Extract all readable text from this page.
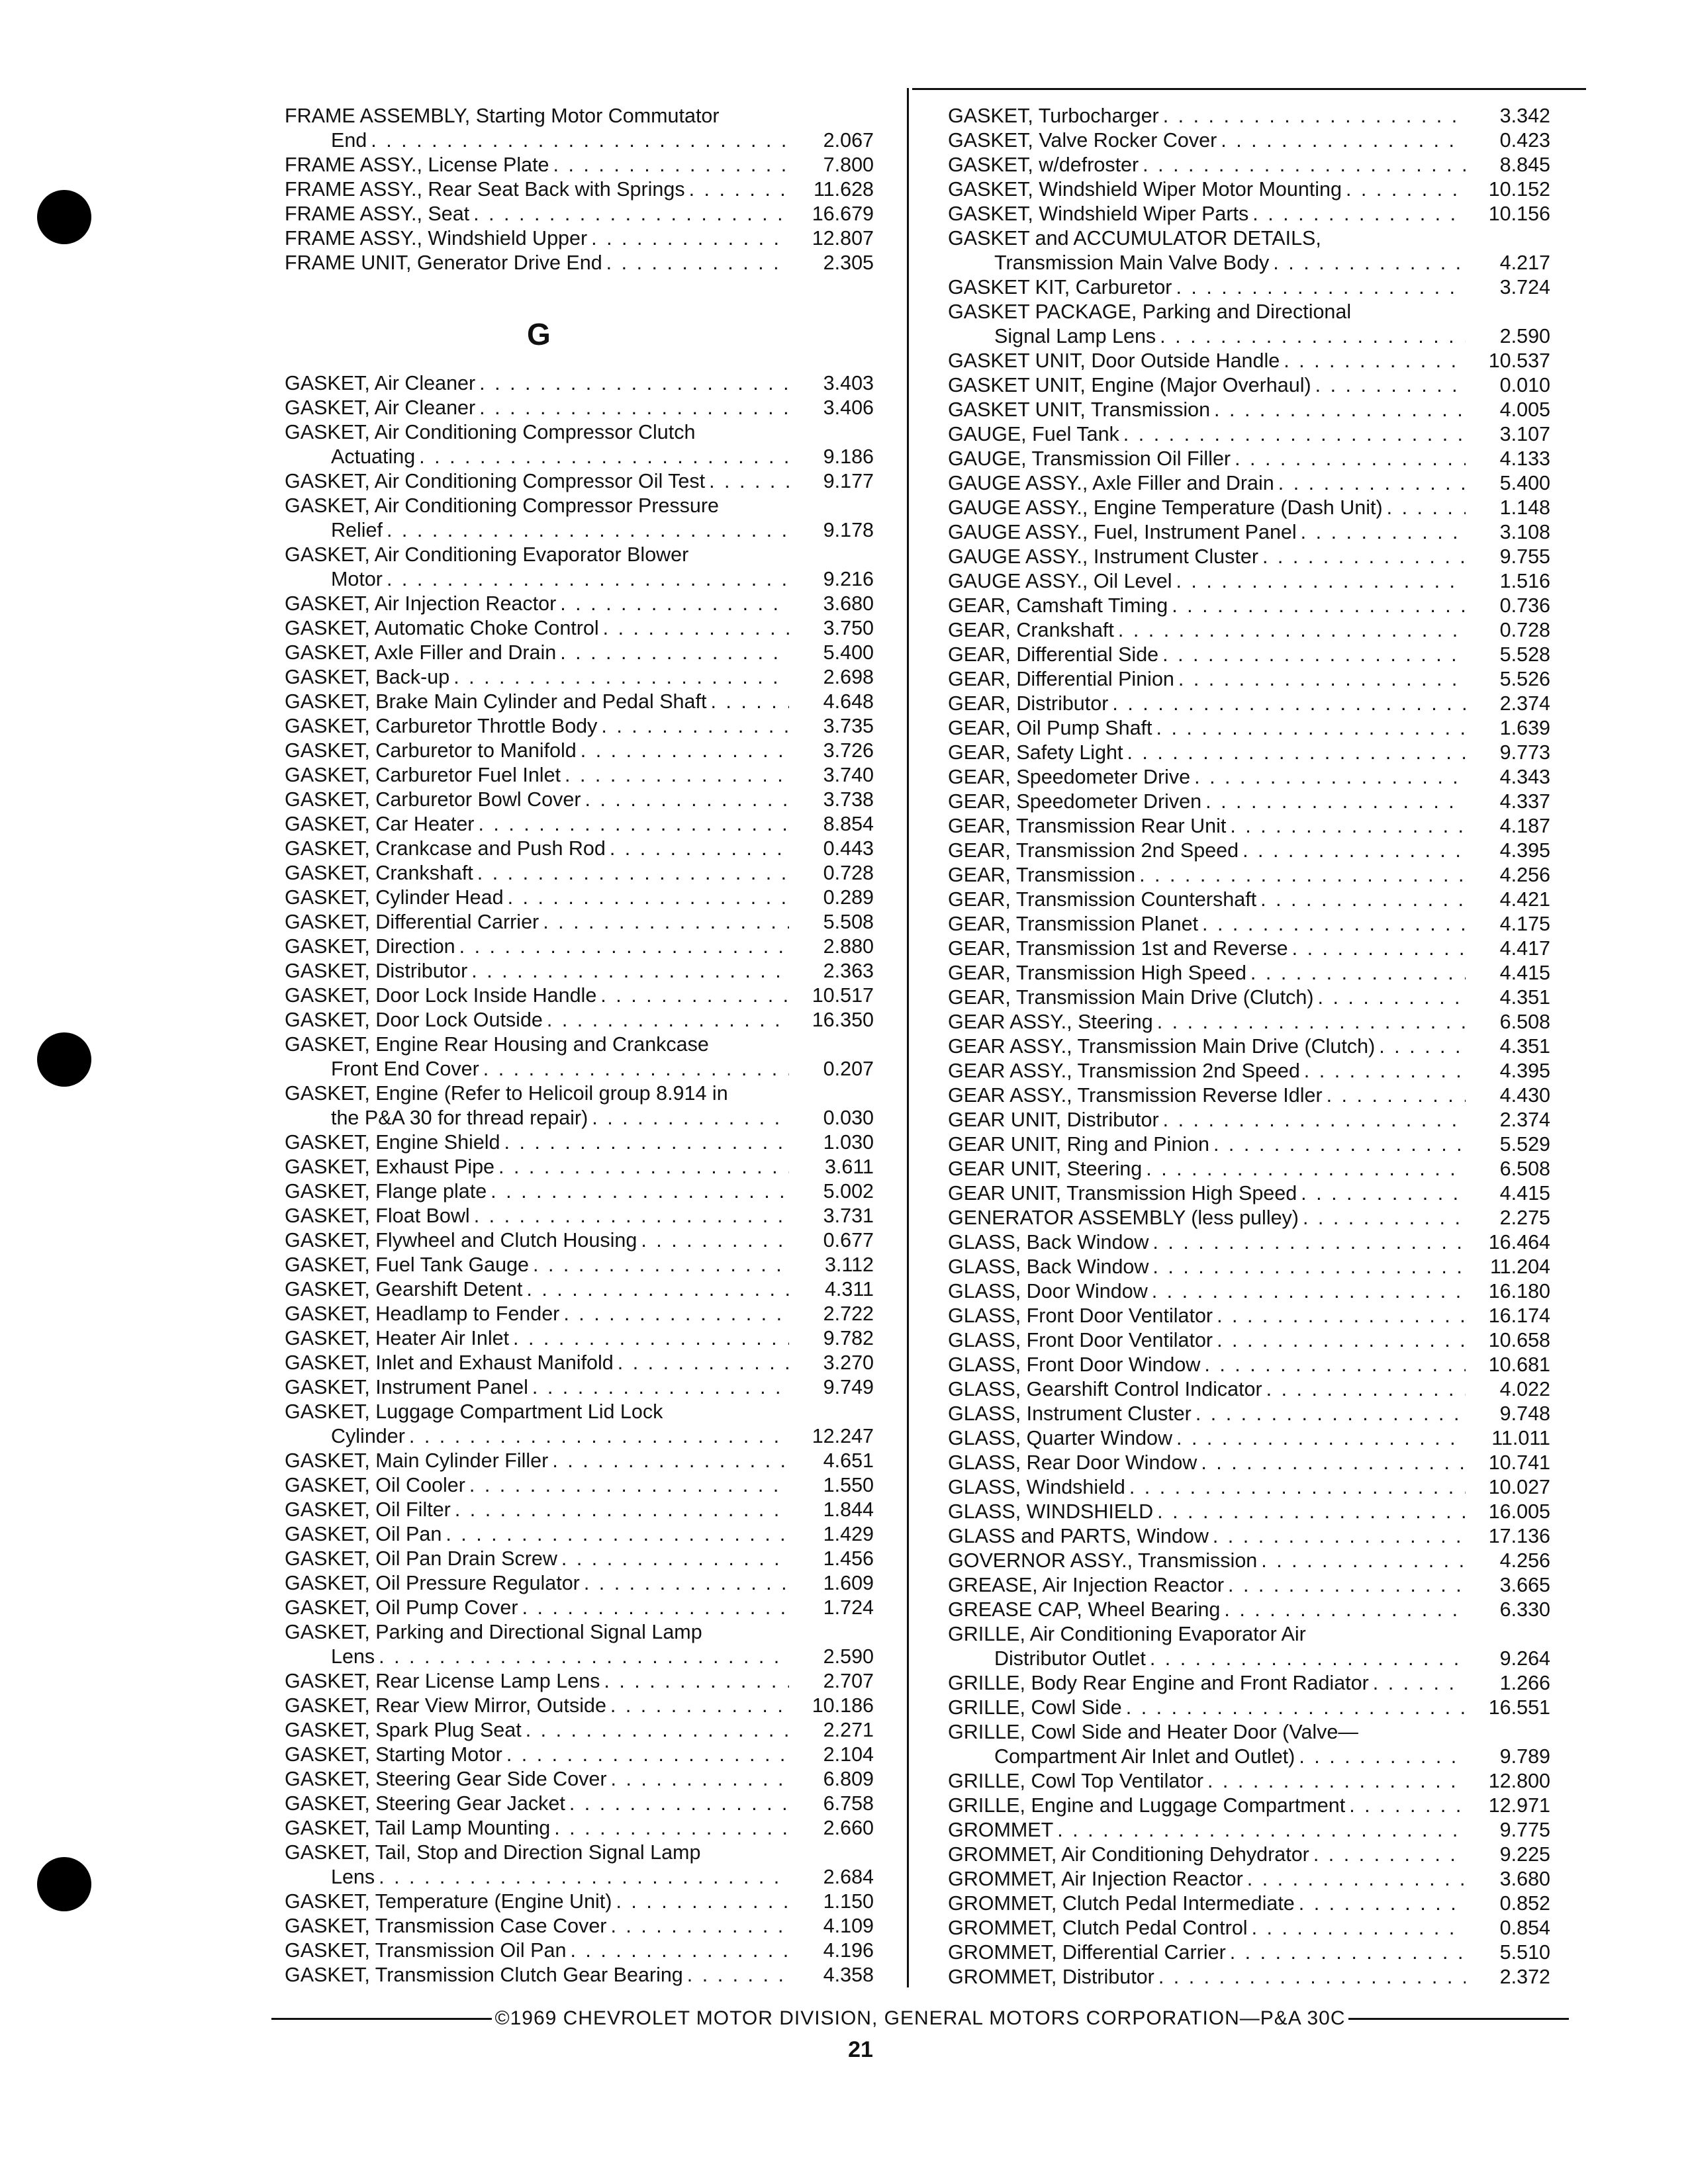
FRAME ASSEMBLY, Starting Motor Commutator
End . . .	2.067
FRAME ASSY., License Plate . . .	7.800
FRAME ASSY., Rear Seat Back with Springs . . .	11.628
FRAME ASSY., Seat . . .	16.679
FRAME ASSY., Windshield Upper . . .	12.807
FRAME UNIT, Generator Drive End . . .	2.305
G
GASKET, Air Cleaner . . .	3.403
GASKET, Air Cleaner . . .	3.406
GASKET, Air Conditioning Compressor Clutch
Actuating . . .	9.186
GASKET, Air Conditioning Compressor Oil Test . . .	9.177
GASKET, Air Conditioning Compressor Pressure
Relief . . .	9.178
GASKET, Air Conditioning Evaporator Blower
Motor . . .	9.216
GASKET, Air Injection Reactor . . .	3.680
GASKET, Automatic Choke Control . . .	3.750
GASKET, Axle Filler and Drain . . .	5.400
GASKET, Back-up . . .	2.698
GASKET, Brake Main Cylinder and Pedal Shaft . . .	4.648
GASKET, Carburetor Throttle Body . . .	3.735
GASKET, Carburetor to Manifold . . .	3.726
GASKET, Carburetor Fuel Inlet . . .	3.740
GASKET, Carburetor Bowl Cover . . .	3.738
GASKET, Car Heater . . .	8.854
GASKET, Crankcase and Push Rod . . .	0.443
GASKET, Crankshaft . . .	0.728
GASKET, Cylinder Head . . .	0.289
GASKET, Differential Carrier . . .	5.508
GASKET, Direction . . .	2.880
GASKET, Distributor . . .	2.363
GASKET, Door Lock Inside Handle . . .	10.517
GASKET, Door Lock Outside . . .	16.350
GASKET, Engine Rear Housing and Crankcase
Front End Cover . . .	0.207
GASKET, Engine (Refer to Helicoil group 8.914 in
the P&A 30 for thread repair) . . .	0.030
GASKET, Engine Shield . . .	1.030
GASKET, Exhaust Pipe . . .	3.611
GASKET, Flange plate . . .	5.002
GASKET, Float Bowl . . .	3.731
GASKET, Flywheel and Clutch Housing . . .	0.677
GASKET, Fuel Tank Gauge . . .	3.112
GASKET, Gearshift Detent . . .	4.311
GASKET, Headlamp to Fender . . .	2.722
GASKET, Heater Air Inlet . . .	9.782
GASKET, Inlet and Exhaust Manifold . . .	3.270
GASKET, Instrument Panel . . .	9.749
GASKET, Luggage Compartment Lid Lock
Cylinder . . .	12.247
GASKET, Main Cylinder Filler . . .	4.651
GASKET, Oil Cooler . . .	1.550
GASKET, Oil Filter . . .	1.844
GASKET, Oil Pan . . .	1.429
GASKET, Oil Pan Drain Screw . . .	1.456
GASKET, Oil Pressure Regulator . . .	1.609
GASKET, Oil Pump Cover . . .	1.724
GASKET, Parking and Directional Signal Lamp
Lens . . .	2.590
GASKET, Rear License Lamp Lens . . .	2.707
GASKET, Rear View Mirror, Outside . . .	10.186
GASKET, Spark Plug Seat . . .	2.271
GASKET, Starting Motor . . .	2.104
GASKET, Steering Gear Side Cover . . .	6.809
GASKET, Steering Gear Jacket . . .	6.758
GASKET, Tail Lamp Mounting . . .	2.660
GASKET, Tail, Stop and Direction Signal Lamp
Lens . . .	2.684
GASKET, Temperature (Engine Unit) . . .	1.150
GASKET, Transmission Case Cover . . .	4.109
GASKET, Transmission Oil Pan . . .	4.196
GASKET, Transmission Clutch Gear Bearing . . .	4.358
GASKET, Turbocharger . . .	3.342
GASKET, Valve Rocker Cover . . .	0.423
GASKET, w/defroster . . .	8.845
GASKET, Windshield Wiper Motor Mounting . . .	10.152
GASKET, Windshield Wiper Parts . . .	10.156
GASKET and ACCUMULATOR DETAILS,
Transmission Main Valve Body . . .	4.217
GASKET KIT, Carburetor . . .	3.724
GASKET PACKAGE, Parking and Directional
Signal Lamp Lens . . .	2.590
GASKET UNIT, Door Outside Handle . . .	10.537
GASKET UNIT, Engine (Major Overhaul) . . .	0.010
GASKET UNIT, Transmission . . .	4.005
GAUGE, Fuel Tank . . .	3.107
GAUGE, Transmission Oil Filler . . .	4.133
GAUGE ASSY., Axle Filler and Drain . . .	5.400
GAUGE ASSY., Engine Temperature (Dash Unit) . . .	1.148
GAUGE ASSY., Fuel, Instrument Panel . . .	3.108
GAUGE ASSY., Instrument Cluster . . .	9.755
GAUGE ASSY., Oil Level . . .	1.516
GEAR, Camshaft Timing . . .	0.736
GEAR, Crankshaft . . .	0.728
GEAR, Differential Side . . .	5.528
GEAR, Differential Pinion . . .	5.526
GEAR, Distributor . . .	2.374
GEAR, Oil Pump Shaft . . .	1.639
GEAR, Safety Light . . .	9.773
GEAR, Speedometer Drive . . .	4.343
GEAR, Speedometer Driven . . .	4.337
GEAR, Transmission Rear Unit . . .	4.187
GEAR, Transmission 2nd Speed . . .	4.395
GEAR, Transmission . . .	4.256
GEAR, Transmission Countershaft . . .	4.421
GEAR, Transmission Planet . . .	4.175
GEAR, Transmission 1st and Reverse . . .	4.417
GEAR, Transmission High Speed . . .	4.415
GEAR, Transmission Main Drive (Clutch) . . .	4.351
GEAR ASSY., Steering . . .	6.508
GEAR ASSY., Transmission Main Drive (Clutch) . . .	4.351
GEAR ASSY., Transmission 2nd Speed . . .	4.395
GEAR ASSY., Transmission Reverse Idler . . .	4.430
GEAR UNIT, Distributor . . .	2.374
GEAR UNIT, Ring and Pinion . . .	5.529
GEAR UNIT, Steering . . .	6.508
GEAR UNIT, Transmission High Speed . . .	4.415
GENERATOR ASSEMBLY (less pulley) . . .	2.275
GLASS, Back Window . . .	16.464
GLASS, Back Window . . .	11.204
GLASS, Door Window . . .	16.180
GLASS, Front Door Ventilator . . .	16.174
GLASS, Front Door Ventilator . . .	10.658
GLASS, Front Door Window . . .	10.681
GLASS, Gearshift Control Indicator . . .	4.022
GLASS, Instrument Cluster . . .	9.748
GLASS, Quarter Window . . .	11.011
GLASS, Rear Door Window . . .	10.741
GLASS, Windshield . . .	10.027
GLASS, WINDSHIELD . . .	16.005
GLASS and PARTS, Window . . .	17.136
GOVERNOR ASSY., Transmission . . .	4.256
GREASE, Air Injection Reactor . . .	3.665
GREASE CAP, Wheel Bearing . . .	6.330
GRILLE, Air Conditioning Evaporator Air
Distributor Outlet . . .	9.264
GRILLE, Body Rear Engine and Front Radiator . . .	1.266
GRILLE, Cowl Side . . .	16.551
GRILLE, Cowl Side and Heater Door (Valve—
Compartment Air Inlet and Outlet) . . .	9.789
GRILLE, Cowl Top Ventilator . . .	12.800
GRILLE, Engine and Luggage Compartment . . .	12.971
GROMMET . . .	9.775
GROMMET, Air Conditioning Dehydrator . . .	9.225
GROMMET, Air Injection Reactor . . .	3.680
GROMMET, Clutch Pedal Intermediate . . .	0.852
GROMMET, Clutch Pedal Control . . .	0.854
GROMMET, Differential Carrier . . .	5.510
GROMMET, Distributor . . .	2.372
©1969 CHEVROLET MOTOR DIVISION, GENERAL MOTORS CORPORATION—P&A 30C
21
